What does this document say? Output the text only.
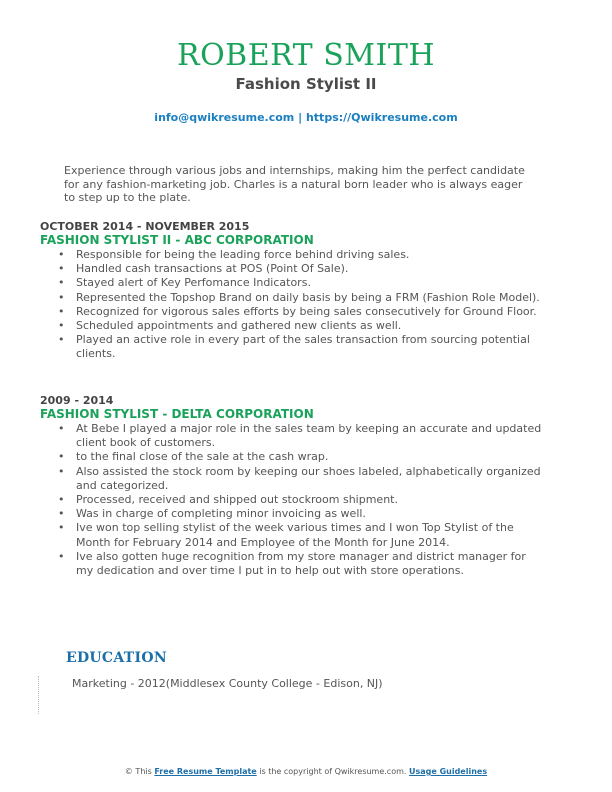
ROBERT SMITH
Fashion Stylist II
info@qwikresume.com | https://Qwikresume.com
Experience through various jobs and internships, making him the perfect candidate for any fashion-marketing job. Charles is a natural born leader who is always eager to step up to the plate.
OCTOBER 2014 - NOVEMBER 2015
FASHION STYLIST II - ABC CORPORATION
• Responsible for being the leading force behind driving sales.
• Handled cash transactions at POS (Point Of Sale).
• Stayed alert of Key Perfomance Indicators.
• Represented the Topshop Brand on daily basis by being a FRM (Fashion Role Model).
• Recognized for vigorous sales efforts by being sales consecutively for Ground Floor.
• Scheduled appointments and gathered new clients as well.
• Played an active role in every part of the sales transaction from sourcing potential clients.
2009 - 2014
FASHION STYLIST - DELTA CORPORATION
• At Bebe I played a major role in the sales team by keeping an accurate and updated client book of customers.
• to the final close of the sale at the cash wrap.
• Also assisted the stock room by keeping our shoes labeled, alphabetically organized and categorized.
• Processed, received and shipped out stockroom shipment.
• Was in charge of completing minor invoicing as well.
• Ive won top selling stylist of the week various times and I won Top Stylist of the Month for February 2014 and Employee of the Month for June 2014.
• Ive also gotten huge recognition from my store manager and district manager for my dedication and over time I put in to help out with store operations.
EDUCATION
Marketing - 2012(Middlesex County College - Edison, NJ)
© This Free Resume Template is the copyright of Qwikresume.com. Usage Guidelines
